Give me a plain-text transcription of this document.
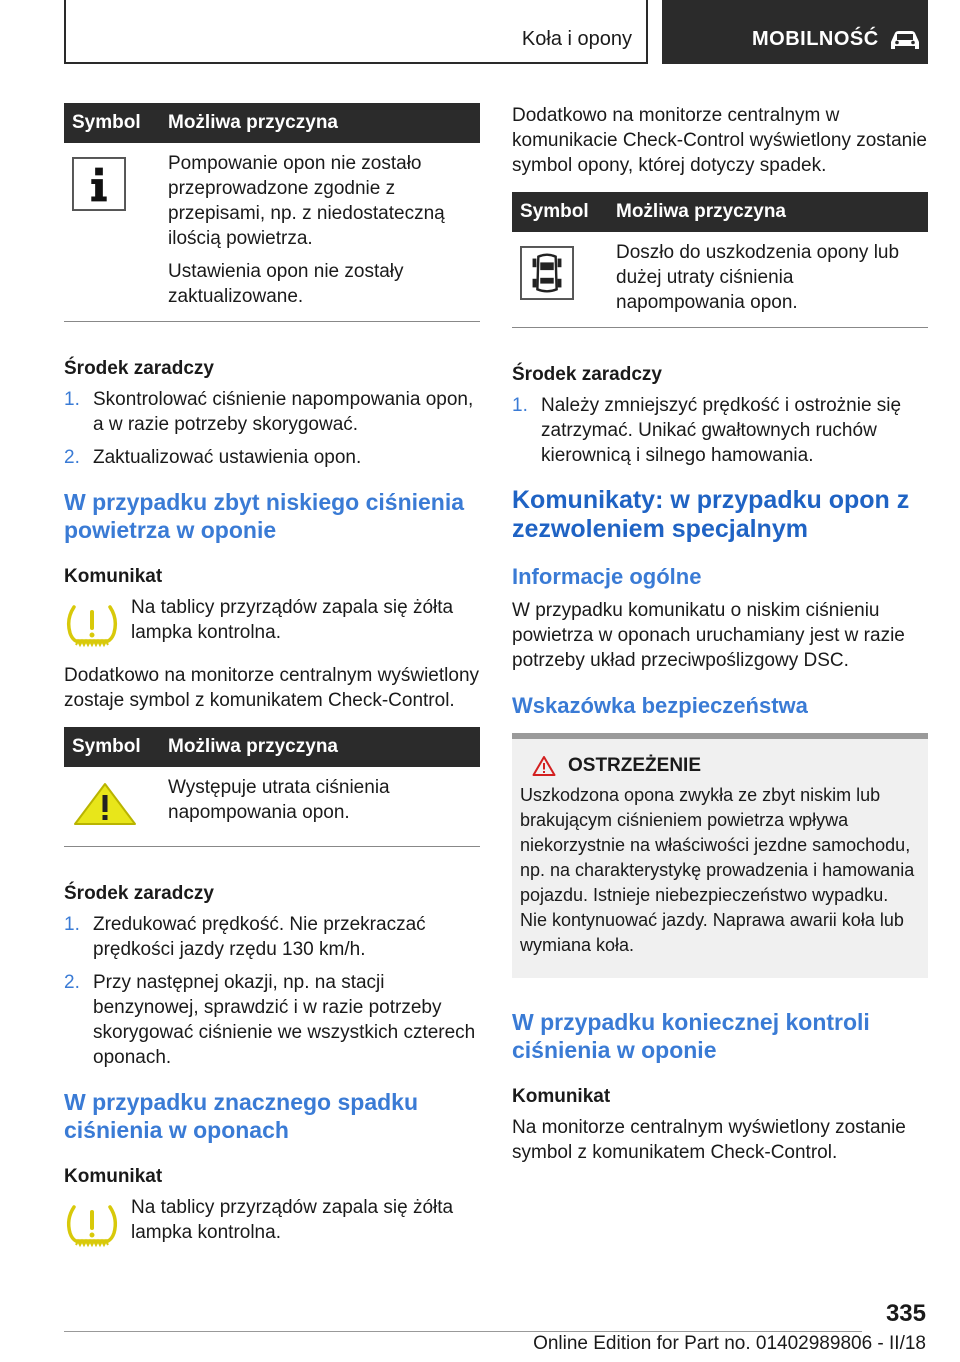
Koła i opony	MOBILNOŚĆ
Symbol	Możliwa przyczyna

Pompowanie opon nie zostało przeprowadzone zgodnie z przepisami, np. z niedostateczną ilością powietrza.

Ustawienia opon nie zostały zaktualizowane.

Środek zaradczy
1. Skontrolować ciśnienie napompowania opon, a w razie potrzeby skorygować.
2. Zaktualizować ustawienia opon.
W przypadku zbyt niskiego ciśnienia powietrza w oponie
Komunikat
Na tablicy przyrządów zapala się żółta lampka kontrolna.

Dodatkowo na monitorze centralnym wyświetlony zostaje symbol z komunikatem Check-Control.

Symbol	Możliwa przyczyna

Występuje utrata ciśnienia napompowania opon.

Środek zaradczy
1. Zredukować prędkość. Nie przekraczać prędkości jazdy rzędu 130 km/h.
2. Przy następnej okazji, np. na stacji benzynowej, sprawdzić i w razie potrzeby skorygować ciśnienie we wszystkich czterech oponach.
W przypadku znacznego spadku ciśnienia w oponach
Komunikat
Na tablicy przyrządów zapala się żółta lampka kontrolna.

Dodatkowo na monitorze centralnym w komunikacie Check-Control wyświetlony zostanie symbol opony, której dotyczy spadek.

Symbol	Możliwa przyczyna

Doszło do uszkodzenia opony lub dużej utraty ciśnienia napompowania opon.

Środek zaradczy
1. Należy zmniejszyć prędkość i ostrożnie się zatrzymać. Unikać gwałtownych ruchów kierownicą i silnego hamowania.
Komunikaty: w przypadku opon z zezwoleniem specjalnym
Informacje ogólne

W przypadku komunikatu o niskim ciśnieniu powietrza w oponach uruchamiany jest w razie potrzeby układ przeciwpoślizgowy DSC.

Wskazówka bezpieczeństwa
OSTRZEŻENIE
Uszkodzona opona zwykła ze zbyt niskim lub brakującym ciśnieniem powietrza wpływa niekorzystnie na właściwości jezdne samochodu, np. na charakterystykę prowadzenia i hamowania pojazdu. Istnieje niebezpieczeństwo wypadku. Nie kontynuować jazdy. Naprawa awarii koła lub wymiana koła.
W przypadku koniecznej kontroli ciśnienia w oponie
Komunikat

Na monitorze centralnym wyświetlony zostanie symbol z komunikatem Check-Control.

335
Online Edition for Part no. 01402989806 - II/18
